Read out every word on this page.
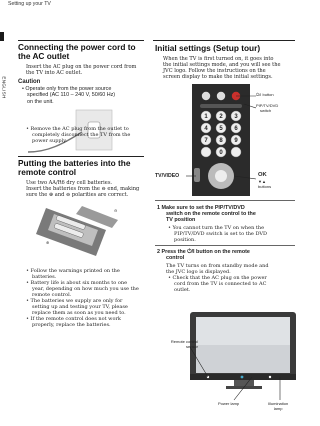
Setting up your TV
ENGLISH
Connecting the power cord to
the AC outlet
Insert the AC plug on the power cord from
the TV into AC outlet.
Caution
• Operate only from the power source
specified (AC 110 – 240 V, 50/60 Hz)
on the unit.
• Remove the AC plug from the outlet to
completely disconnect the TV from the
power supply.
Putting the batteries into the
remote control
Use two AA/R6 dry cell batteries.
Insert the batteries from the ⊖ end, making
sure the ⊕ and ⊖ polarities are correct.
⊖
⊕
• Follow the warnings printed on the
batteries.
• Battery life is about six months to one
year, depending on how much you use the
remote control.
• The batteries we supply are only for
setting up and testing your TV, please
replace them as soon as you need to.
• If the remote control does not work
properly, replace the batteries.
Initial settings (Setup tour)
When the TV is first turned on, it goes into
the initial settings mode, and you will see the
JVC logo. Follow the instructions on the
screen display to make the initial settings.
1 2 3
4 5 6
7 8 9
0
⏻/I button
PIP/TV/DVD
switch
TV/VIDEO	OK
▼▲
buttons
1 Make sure to set the PIP/TV/DVD
switch on the remote control to the
TV position
• You cannot turn the TV on when the
PIP/TV/DVD switch is set to the DVD
position.
2 Press the ⏻/I button on the remote
control
The TV turns on from standby mode and
the JVC logo is displayed.
• Check that the AC plug on the power
cord from the TV is connected to AC
outlet.
Remote control
sensor
Power lamp	Illumination
lamp
